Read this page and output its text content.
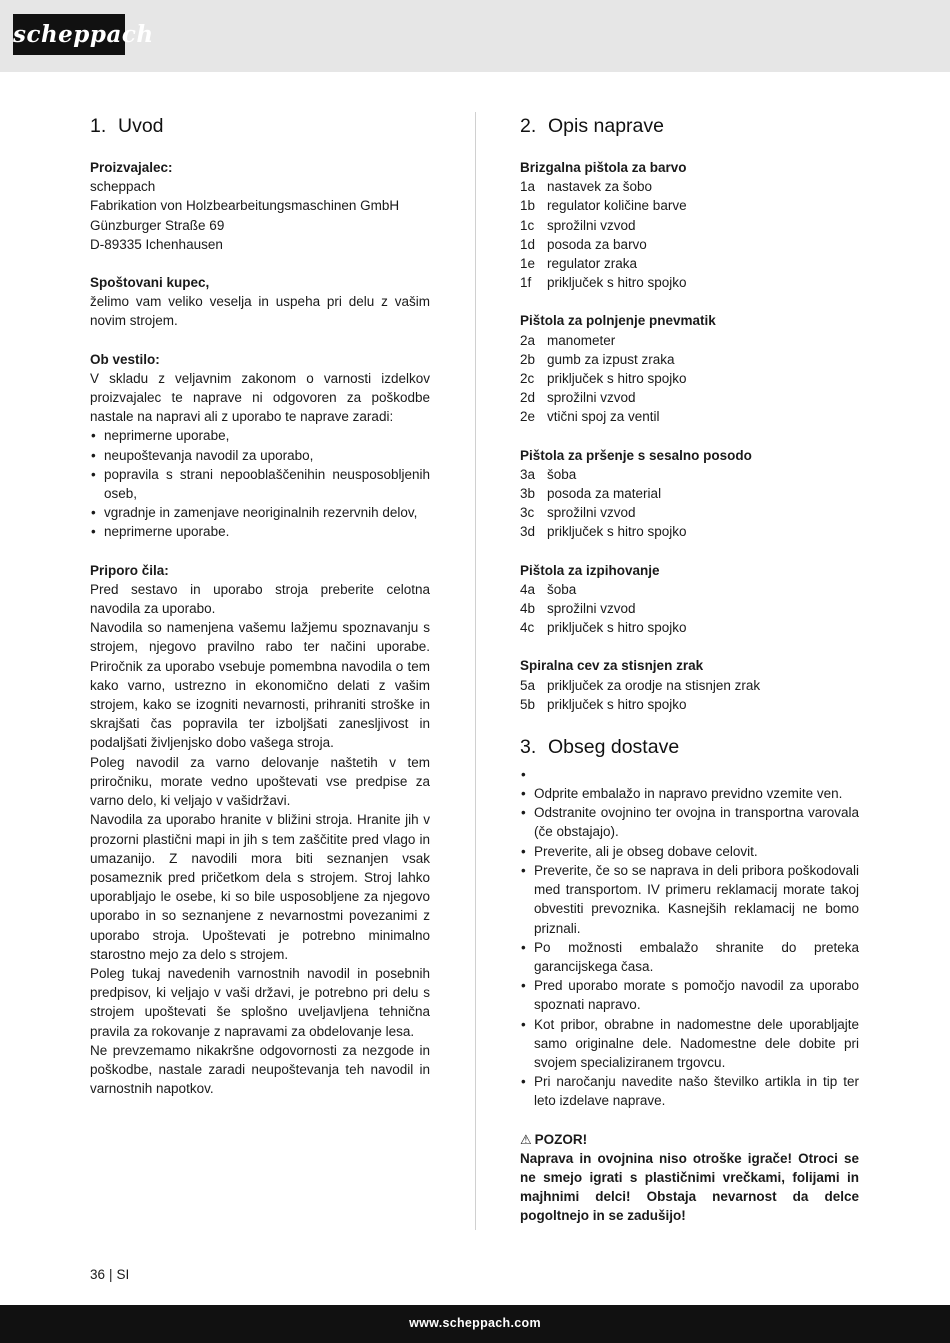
scheppach
1. Uvod

Proizvajalec:

scheppach

Fabrikation von Holzbearbeitungsmaschinen GmbH

Günzburger Straße 69

D-89335 Ichenhausen

Spoštovani kupec,

želimo vam veliko veselja in uspeha pri delu z vašim novim strojem.

Ob vestilo:

V skladu z veljavnim zakonom o varnosti izdelkov proizvajalec te naprave ni odgovoren za poškodbe nastale na napravi ali z uporabo te naprave zaradi:

• neprimerne uporabe,
• neupoštevanja navodil za uporabo,
• popravila s strani nepooblaščenihin neusposobljenih oseb,
• vgradnje in zamenjave neoriginalnih rezervnih delov,
• neprimerne uporabe.

Priporo čila:

Pred sestavo in uporabo stroja preberite celotna navodila za uporabo.

Navodila so namenjena vašemu lažjemu spoznavanju s strojem, njegovo pravilno rabo ter načini uporabe. Priročnik za uporabo vsebuje pomembna navodila o tem kako varno, ustrezno in ekonomično delati z vašim strojem, kako se izogniti nevarnosti, prihraniti stroške in skrajšati čas popravila ter izboljšati zanesljivost in podaljšati življenjsko dobo vašega stroja.

Poleg navodil za varno delovanje naštetih v tem priročniku, morate vedno upoštevati vse predpise za varno delo, ki veljajo v vašidržavi.

Navodila za uporabo hranite v bližini stroja. Hranite jih v prozorni plastični mapi in jih s tem zaščitite pred vlago in umazanijo. Z navodili mora biti seznanjen vsak posameznik pred pričetkom dela s strojem. Stroj lahko uporabljajo le osebe, ki so bile usposobljene za njegovo uporabo in so seznanjene z nevarnostmi povezanimi z uporabo stroja. Upoštevati je potrebno minimalno starostno mejo za delo s strojem.

Poleg tukaj navedenih varnostnih navodil in posebnih predpisov, ki veljajo v vaši državi, je potrebno pri delu s strojem upoštevati še splošno uveljavljena tehnična pravila za rokovanje z napravami za obdelovanje lesa.

Ne prevzemamo nikakršne odgovornosti za nezgode in poškodbe, nastale zaradi neupoštevanja teh navodil in varnostnih napotkov.

2. Opis naprave

Brizgalna pištola za barvo

1a nastavek za šobo
1b regulator količine barve
1c sprožilni vzvod
1d posoda za barvo
1e regulator zraka
1f	priključek s hitro spojko

Pištola za polnjenje pnevmatik

2a manometer
2b gumb za izpust zraka
2c priključek s hitro spojko
2d sprožilni vzvod
2e vtični spoj za ventil

Pištola za pršenje s sesalno posodo

3a šoba
3b posoda za material
3c sprožilni vzvod
3d priključek s hitro spojko

Pištola za izpihovanje

4a šoba
4b sprožilni vzvod
4c priključek s hitro spojko

Spiralna cev za stisnjen zrak

5a priključek za orodje na stisnjen zrak
5b priključek s hitro spojko
3. Obseg dostave
•
• Odprite embalažo in napravo previdno vzemite ven.
• Odstranite ovojnino ter ovojna in transportna varovala (če obstajajo).
• Preverite, ali je obseg dobave celovit.
• Preverite, če so se naprava in deli pribora poškodovali med transportom. IV primeru reklamacij morate takoj obvestiti prevoznika. Kasnejših reklamacij ne bomo priznali.
• Po možnosti embalažo shranite do preteka garancijskega časa.
• Pred uporabo morate s pomočjo navodil za uporabo spoznati napravo.
• Kot pribor, obrabne in nadomestne dele uporabljajte samo originalne dele. Nadomestne dele dobite pri svojem specializiranem trgovcu.
• Pri naročanju navedite našo številko artikla in tip ter leto izdelave naprave.

⚠ POZOR!

Naprava in ovojnina niso otroške igrače! Otroci se ne smejo igrati s plastičnimi vrečkami, folijami in majhnimi delci! Obstaja nevarnost da delce pogoltnejo in se zadušijo!

36 | SI
www.scheppach.com
